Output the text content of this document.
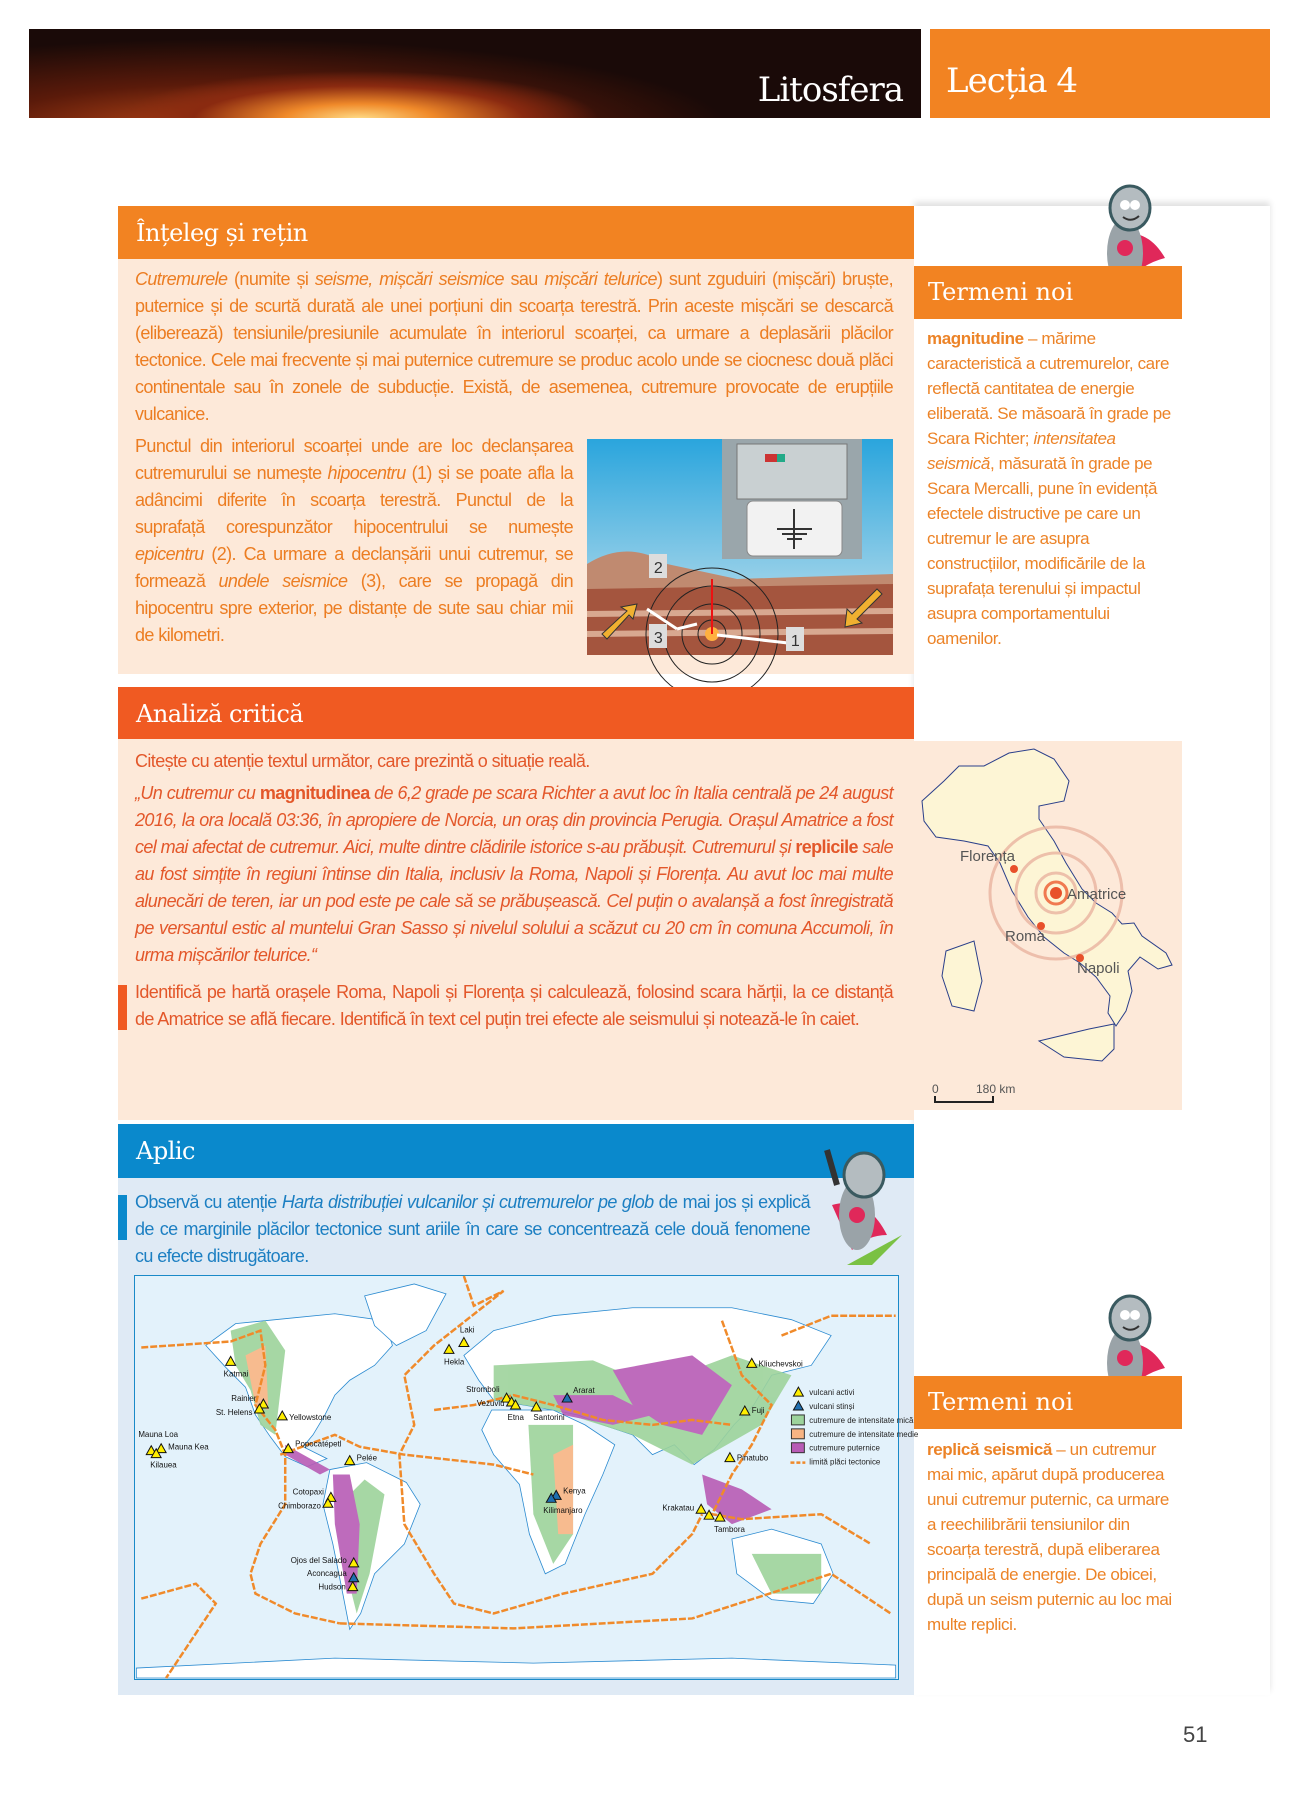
Litosfera	Lecția 4
Înțeleg și rețin

Cutremurele (numite și seisme, mișcări seismice sau mișcări telurice) sunt zguduiri (mișcări) bruște, puternice și de scurtă durată ale unei porțiuni din scoarța terestră. Prin aceste mișcări se descarcă (eliberează) tensiunile/presiunile acumulate în interiorul scoarței, ca urmare a deplasării plăcilor tectonice. Cele mai frecvente și mai puternice cutremure se produc acolo unde se ciocnesc două plăci continentale sau în zonele de subducție. Există, de asemenea, cutremure provocate de erupțiile vulcanice.

1
2
3

Punctul din interiorul scoarței unde are loc declanșarea cutremurului se numește hipocentru (1) și se poate afla la adâncimi diferite în scoarța terestră. Punctul de la suprafață corespunzător hipocentrului se numește epicentru (2). Ca urmare a declanșării unui cutremur, se formează undele seismice (3), care se propagă din hipocentru spre exterior, pe distanțe de sute sau chiar mii de kilometri.

Termeni noi
magnitudine – mărime caracteristică a cutremurelor, care reflectă cantitatea de energie eliberată. Se măsoară în grade pe Scara Richter; intensitatea seismică, măsurată în grade pe Scara Mercalli, pune în evidență efectele distructive pe care un cutremur le are asupra construcțiilor, modificările de la suprafața terenului și impactul asupra comportamentului oamenilor.
Analiză critică

Citește cu atenție textul următor, care prezintă o situație reală.

„Un cutremur cu magnitudinea de 6,2 grade pe scara Richter a avut loc în Italia centrală pe 24 august 2016, la ora locală 03:36, în apropiere de Norcia, un oraș din provincia Perugia. Orașul Amatrice a fost cel mai afectat de cutremur. Aici, multe dintre clădirile istorice s-au prăbușit. Cutremurul și replicile sale au fost simțite în regiuni întinse din Italia, inclusiv la Roma, Napoli și Florența. Au avut loc mai multe alunecări de teren, iar un pod este pe cale să se prăbușească. Cel puțin o avalanșă a fost înregistrată pe versantul estic al muntelui Gran Sasso și nivelul solului a scăzut cu 20 cm în comuna Accumoli, în urma mișcărilor telurice.“

Identifică pe hartă orașele Roma, Napoli și Florența și calculează, folosind scara hărții, la ce distanță de Amatrice se află fiecare. Identifică în text cel puțin trei efecte ale seismului și notează-le în caiet.

Florența
Amatrice
Roma
Napoli
0	180 km
Aplic
Observă cu atenție Harta distribuției vulcanilor și cutremurelor pe glob de mai jos și explică de ce marginile plăcilor tectonice sunt ariile în care se concentrează cele două fenomene cu efecte distrugătoare.
Katmai
Rainier
St. Helens
Yellowstone
Popocatépetl
Pelée
Mauna Loa
Mauna Kea
Kilauea
Cotopaxi
Chimborazo
Ojos del Salado
Aconcagua
Hudson
Laki
Hekla
Stromboli
Vezuviu
Etna Santorini
Ararat
Kenya
Kilimanjaro
Kliuchevskoi
Fuji
Pinatubo
Krakatau
Tambora
vulcani activi
vulcani stinși
cutremure de intensitate mică
cutremure de intensitate medie
cutremure puternice
limită plăci tectonice
Termeni noi
replică seismică – un cutremur mai mic, apărut după producerea unui cutremur puternic, ca urmare a reechilibrării tensiunilor din scoarța terestră, după eliberarea principală de energie. De obicei, după un seism puternic au loc mai multe replici.
51
